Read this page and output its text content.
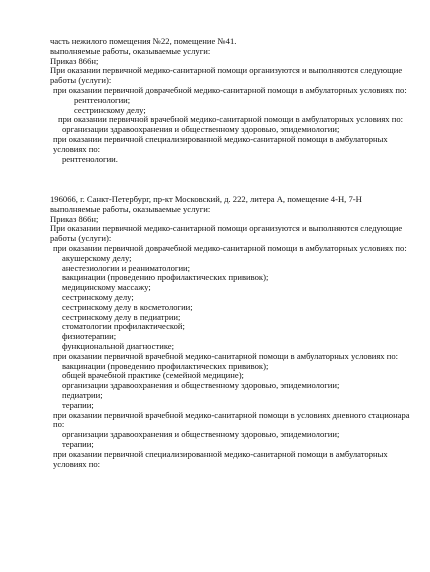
часть нежилого помещения №22, помещение №41.
выполняемые работы, оказываемые услуги:
Приказ 866н;
При оказании первичной медико-санитарной помощи организуются и выполняются следующие работы (услуги):
при оказании первичной доврачебной медико-санитарной помощи в амбулаторных условиях по:
рентгенологии;
сестринскому делу;
при оказании первичной врачебной медико-санитарной помощи в амбулаторных условиях по:
организации здравоохранения и общественному здоровью, эпидемиологии;
при оказании первичной специализированной медико-санитарной помощи в амбулаторных условиях по:
рентгенологии.
196066, г. Санкт-Петербург, пр-кт Московский, д. 222, литера А, помещение 4-Н, 7-Н
выполняемые работы, оказываемые услуги:
Приказ 866н;
При оказании первичной медико-санитарной помощи организуются и выполняются следующие работы (услуги):
при оказании первичной доврачебной медико-санитарной помощи в амбулаторных условиях по:
акушерскому делу;
анестезиологии и реаниматологии;
вакцинации (проведению профилактических прививок);
медицинскому массажу;
сестринскому делу;
сестринскому делу в косметологии;
сестринскому делу в педиатрии;
стоматологии профилактической;
физиотерапии;
функциональной диагностике;
при оказании первичной врачебной медико-санитарной помощи в амбулаторных условиях по:
вакцинации (проведению профилактических прививок);
общей врачебной практике (семейной медицине);
организации здравоохранения и общественному здоровью, эпидемиологии;
педиатрии;
терапии;
при оказании первичной врачебной медико-санитарной помощи в условиях дневного стационара по:
организации здравоохранения и общественному здоровью, эпидемиологии;
терапии;
при оказании первичной специализированной медико-санитарной помощи в амбулаторных условиях по:
